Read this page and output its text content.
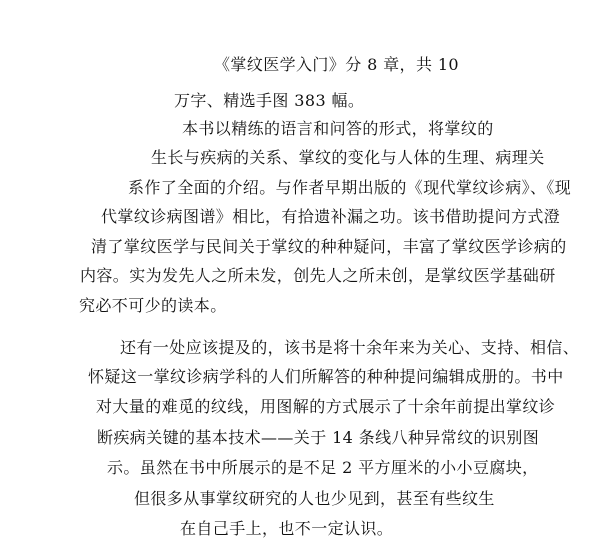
《掌纹医学入门》分 8 章，共 10
万字、精选手图 383 幅。
本书以精练的语言和问答的形式，将掌纹的
生长与疾病的关系、掌纹的变化与人体的生理、病理关
系作了全面的介绍。与作者早期出版的《现代掌纹诊病》、《现
代掌纹诊病图谱》相比，有拾遗补漏之功。该书借助提问方式澄
清了掌纹医学与民间关于掌纹的种种疑问，丰富了掌纹医学诊病的
内容。实为发先人之所未发，创先人之所未创，是掌纹医学基础研
究必不可少的读本。
还有一处应该提及的，该书是将十余年来为关心、支持、相信、
怀疑这一掌纹诊病学科的人们所解答的种种提问编辑成册的。书中
对大量的难觅的纹线，用图解的方式展示了十余年前提出掌纹诊
断疾病关键的基本技术——关于 14 条线八种异常纹的识别图
示。虽然在书中所展示的是不足 2 平方厘米的小小豆腐块，
但很多从事掌纹研究的人也少见到，甚至有些纹生
在自己手上，也不一定认识。
